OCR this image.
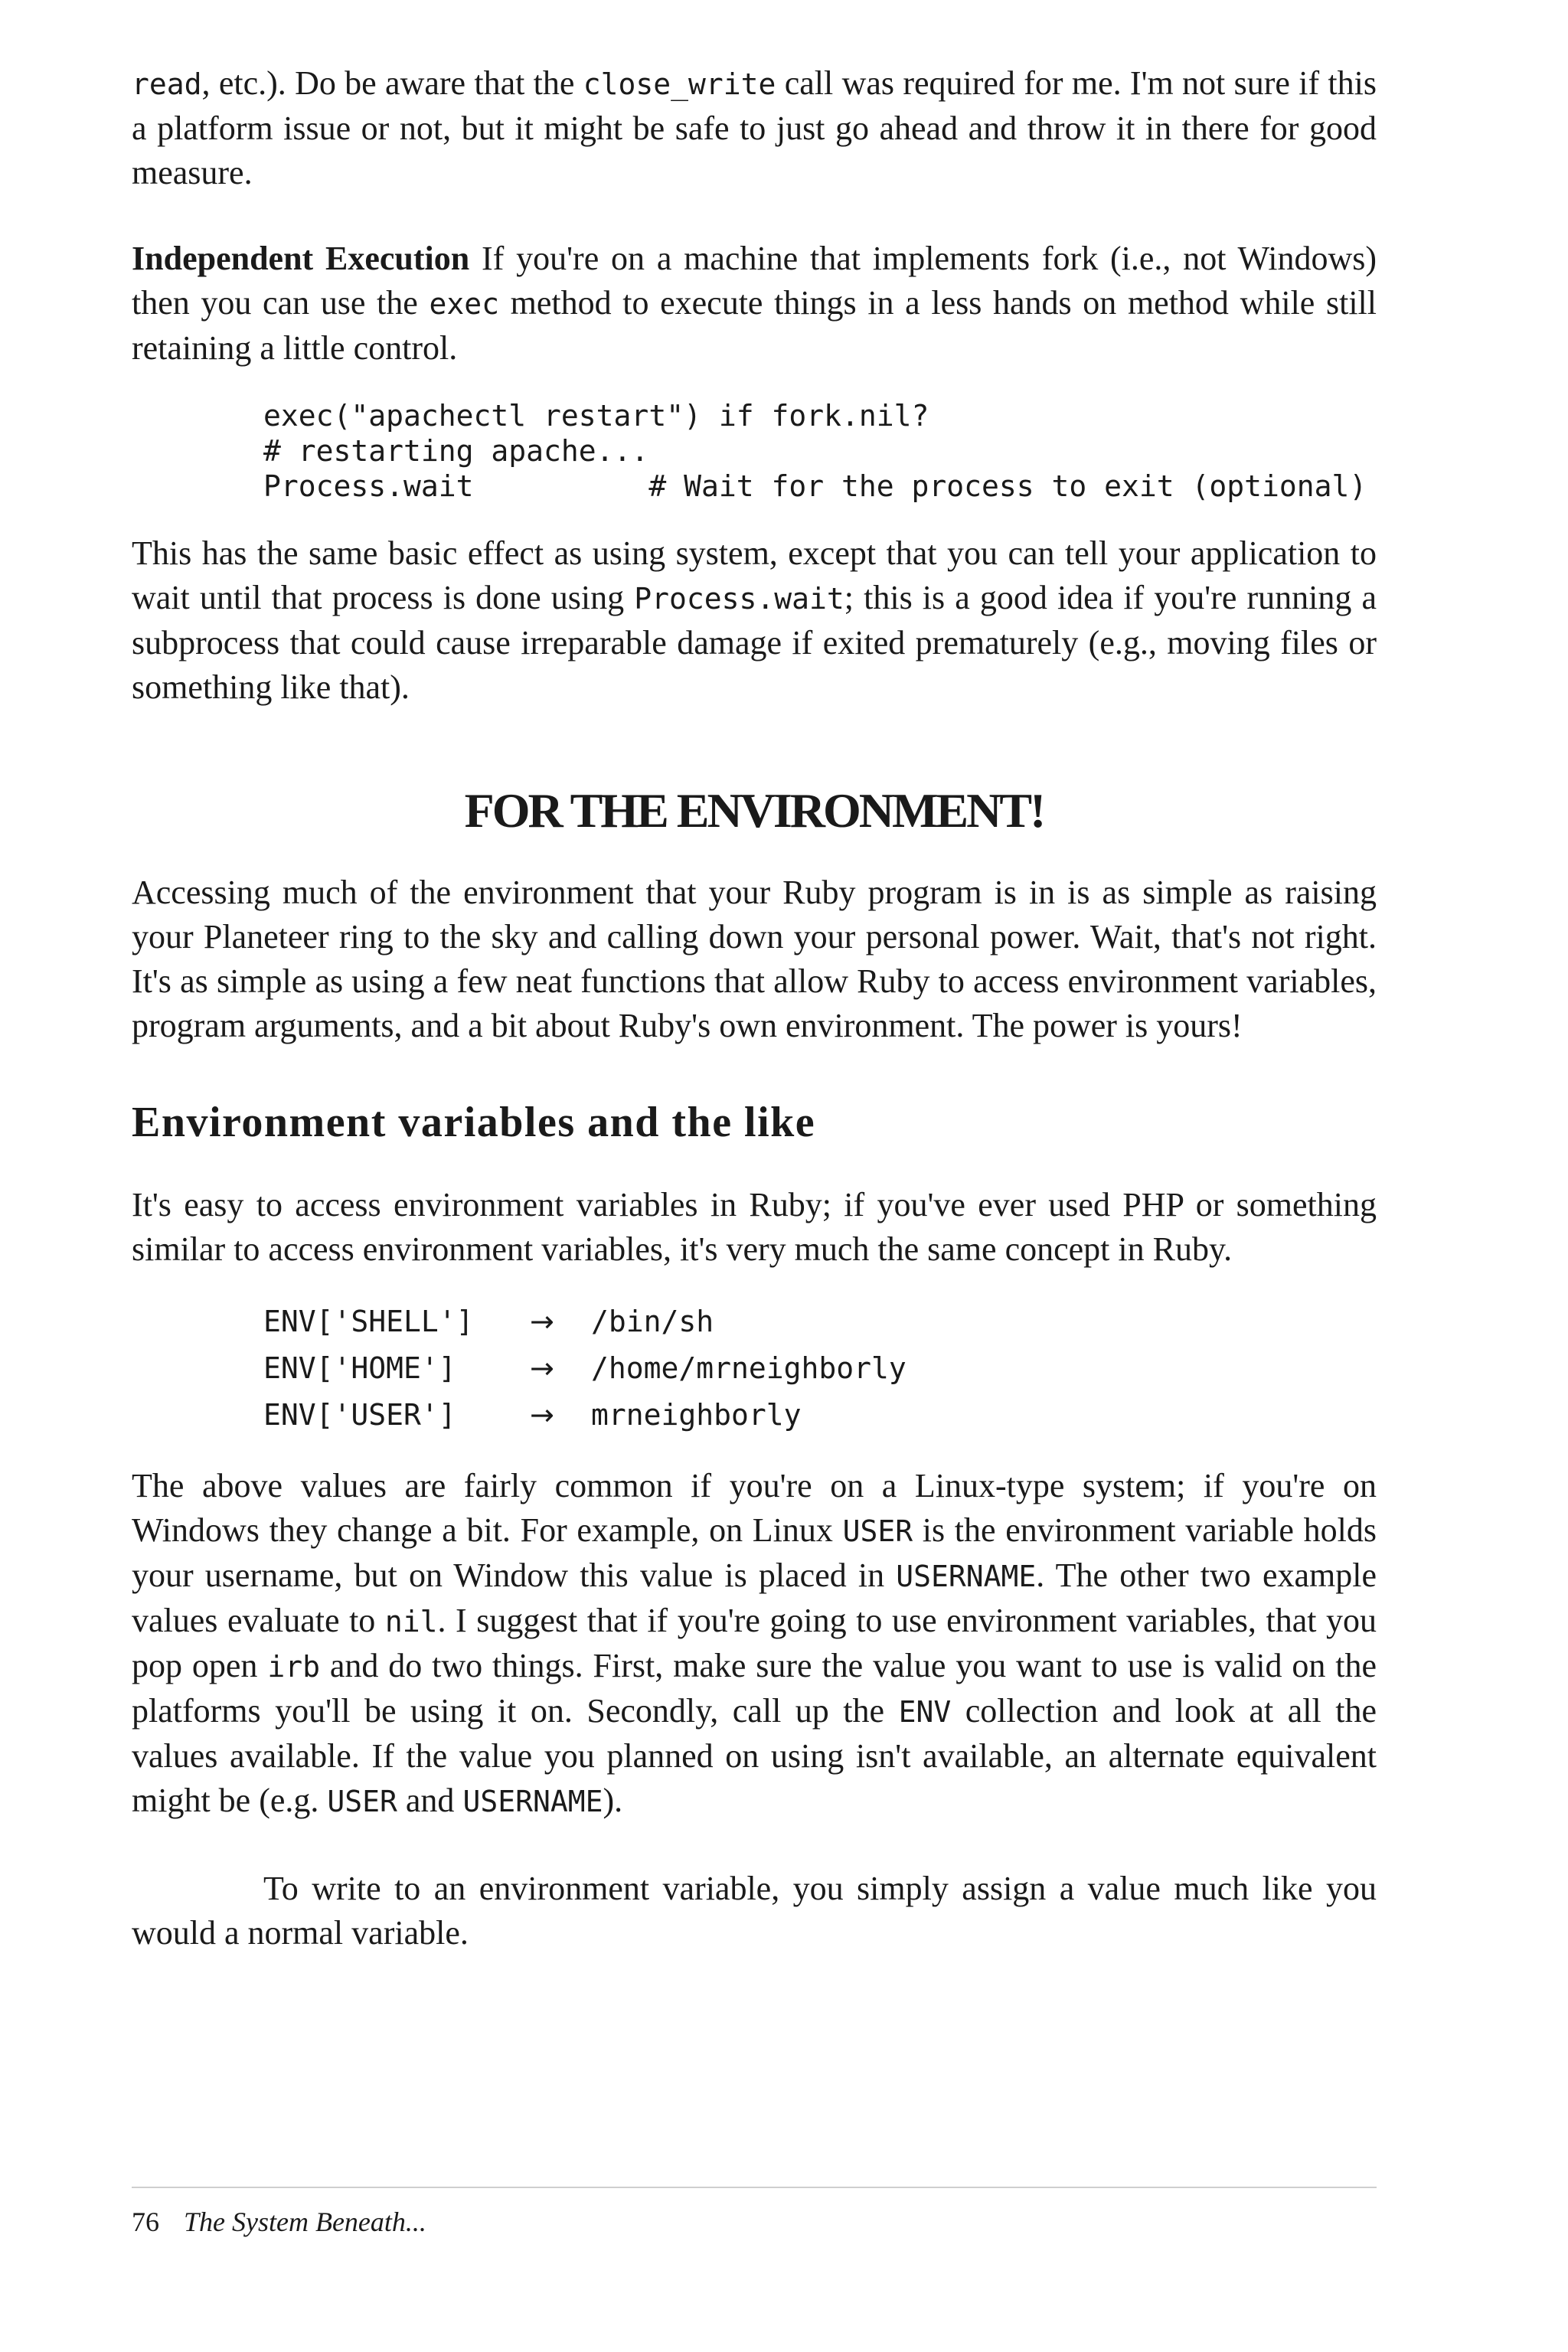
read, etc.). Do be aware that the close_write call was required for me. I'm not sure if this a platform issue or not, but it might be safe to just go ahead and throw it in there for good measure.

Independent Execution If you're on a machine that implements fork (i.e., not Windows) then you can use the exec method to execute things in a less hands on method while still retaining a little control.

exec("apachectl restart") if fork.nil?
# restarting apache...
Process.wait          # Wait for the process to exit (optional)

This has the same basic effect as using system, except that you can tell your application to wait until that process is done using Process.wait; this is a good idea if you're running a subprocess that could cause irreparable damage if exited prematurely (e.g., moving files or something like that).

FOR THE ENVIRONMENT!

Accessing much of the environment that your Ruby program is in is as simple as raising your Planeteer ring to the sky and calling down your personal power. Wait, that's not right. It's as simple as using a few neat functions that allow Ruby to access environment variables, program arguments, and a bit about Ruby's own environment. The power is yours!

Environment variables and the like

It's easy to access environment variables in Ruby; if you've ever used PHP or something similar to access environment variables, it's very much the same concept in Ruby.

ENV['SHELL']	→	/bin/sh
ENV['HOME']	→	/home/mrneighborly
ENV['USER']	→	mrneighborly

The above values are fairly common if you're on a Linux-type system; if you're on Windows they change a bit. For example, on Linux USER is the environment variable holds your username, but on Window this value is placed in USERNAME. The other two example values evaluate to nil. I suggest that if you're going to use environment variables, that you pop open irb and do two things. First, make sure the value you want to use is valid on the platforms you'll be using it on. Secondly, call up the ENV collection and look at all the values available. If the value you planned on using isn't available, an alternate equivalent might be (e.g. USER and USERNAME).

To write to an environment variable, you simply assign a value much like you would a normal variable.

76 The System Beneath...
